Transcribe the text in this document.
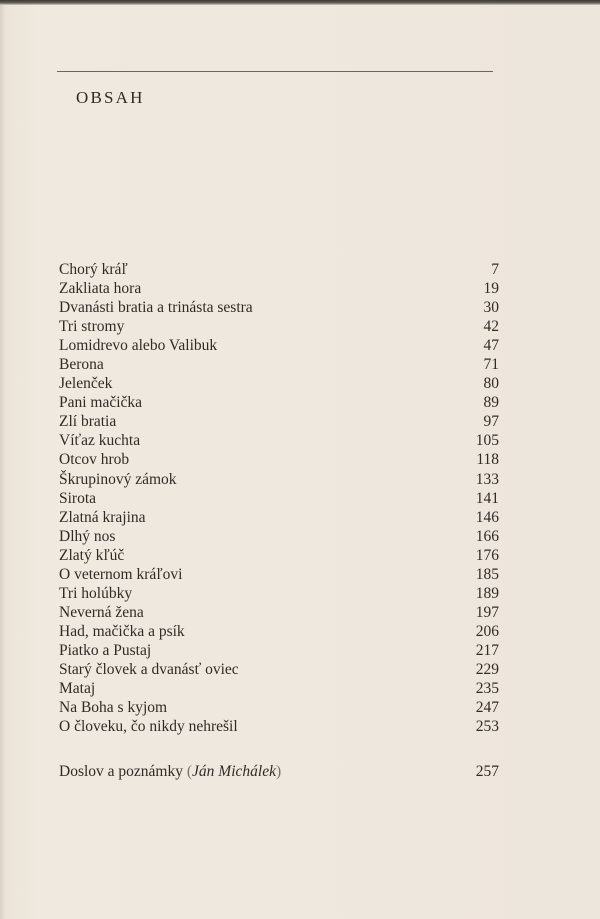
OBSAH
Chorý kráľ	7
Zakliata hora	19
Dvanásti bratia a trinásta sestra	30
Tri stromy	42
Lomidrevo alebo Valibuk	47
Berona	71
Jelenček	80
Pani mačička	89
Zlí bratia	97
Víťaz kuchta	105
Otcov hrob	118
Škrupinový zámok	133
Sirota	141
Zlatná krajina	146
Dlhý nos	166
Zlatý kľúč	176
O veternom kráľovi	185
Tri holúbky	189
Neverná žena	197
Had, mačička a psík	206
Piatko a Pustaj	217
Starý človek a dvanásť oviec	229
Mataj	235
Na Boha s kyjom	247
O človeku, čo nikdy nehrešil	253
Doslov a poznámky (Ján Michálek)	257
